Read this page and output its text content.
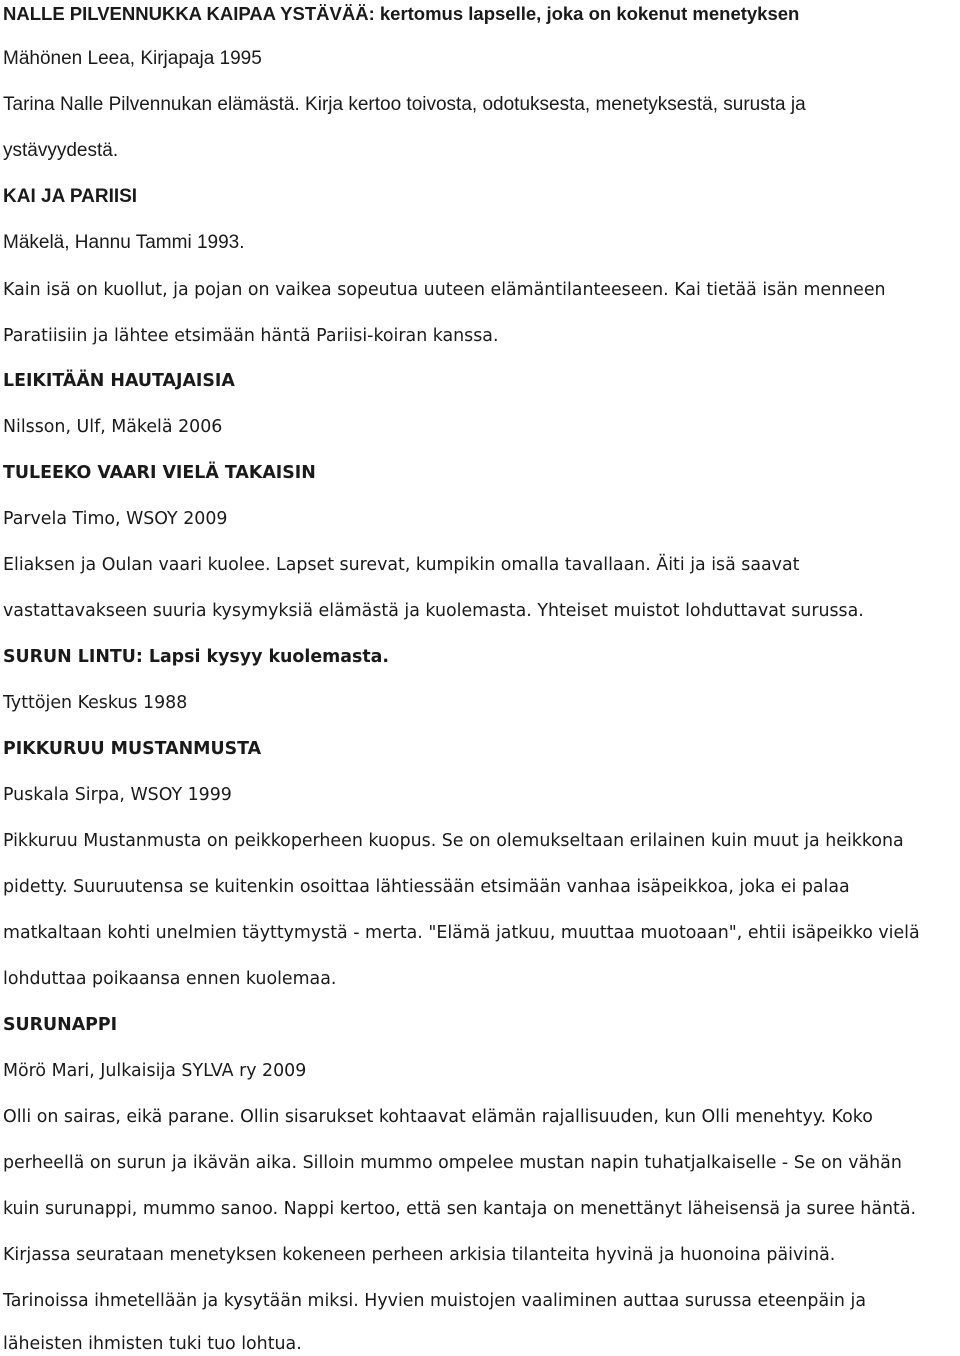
NALLE PILVENNUKKA KAIPAA YSTÄVÄÄ: kertomus lapselle, joka on kokenut menetyksen
Mähönen Leea, Kirjapaja 1995
Tarina Nalle Pilvennukan elämästä. Kirja kertoo toivosta, odotuksesta, menetyksestä, surusta ja
ystävyydestä.
KAI JA PARIISI
Mäkelä, Hannu Tammi 1993.
Kain isä on kuollut, ja pojan on vaikea sopeutua uuteen elämäntilanteeseen. Kai tietää isän menneen
Paratiisiin ja lähtee etsimään häntä Pariisi-koiran kanssa.
LEIKITÄÄN HAUTAJAISIA
Nilsson, Ulf, Mäkelä 2006
TULEEKO VAARI VIELÄ TAKAISIN
Parvela Timo, WSOY 2009
Eliaksen ja Oulan vaari kuolee. Lapset surevat, kumpikin omalla tavallaan. Äiti ja isä saavat
vastattavakseen suuria kysymyksiä elämästä ja kuolemasta. Yhteiset muistot lohduttavat surussa.
SURUN LINTU: Lapsi kysyy kuolemasta.
Tyttöjen Keskus 1988
PIKKURUU MUSTANMUSTA
Puskala Sirpa, WSOY 1999
Pikkuruu Mustanmusta on peikkoperheen kuopus. Se on olemukseltaan erilainen kuin muut ja heikkona
pidetty. Suuruutensa se kuitenkin osoittaa lähtiessään etsimään vanhaa isäpeikkoa, joka ei palaa
matkaltaan kohti unelmien täyttymystä - merta. "Elämä jatkuu, muuttaa muotoaan", ehtii isäpeikko vielä
lohduttaa poikaansa ennen kuolemaa.
SURUNAPPI
Mörö Mari, Julkaisija SYLVA ry 2009
Olli on sairas, eikä parane. Ollin sisarukset kohtaavat elämän rajallisuuden, kun Olli menehtyy. Koko
perheellä on surun ja ikävän aika. Silloin mummo ompelee mustan napin tuhatjalkaiselle - Se on vähän
kuin surunappi, mummo sanoo. Nappi kertoo, että sen kantaja on menettänyt läheisensä ja suree häntä.
Kirjassa seurataan menetyksen kokeneen perheen arkisia tilanteita hyvinä ja huonoina päivinä.
Tarinoissa ihmetellään ja kysytään miksi. Hyvien muistojen vaaliminen auttaa surussa eteenpäin ja
läheisten ihmisten tuki tuo lohtua.
